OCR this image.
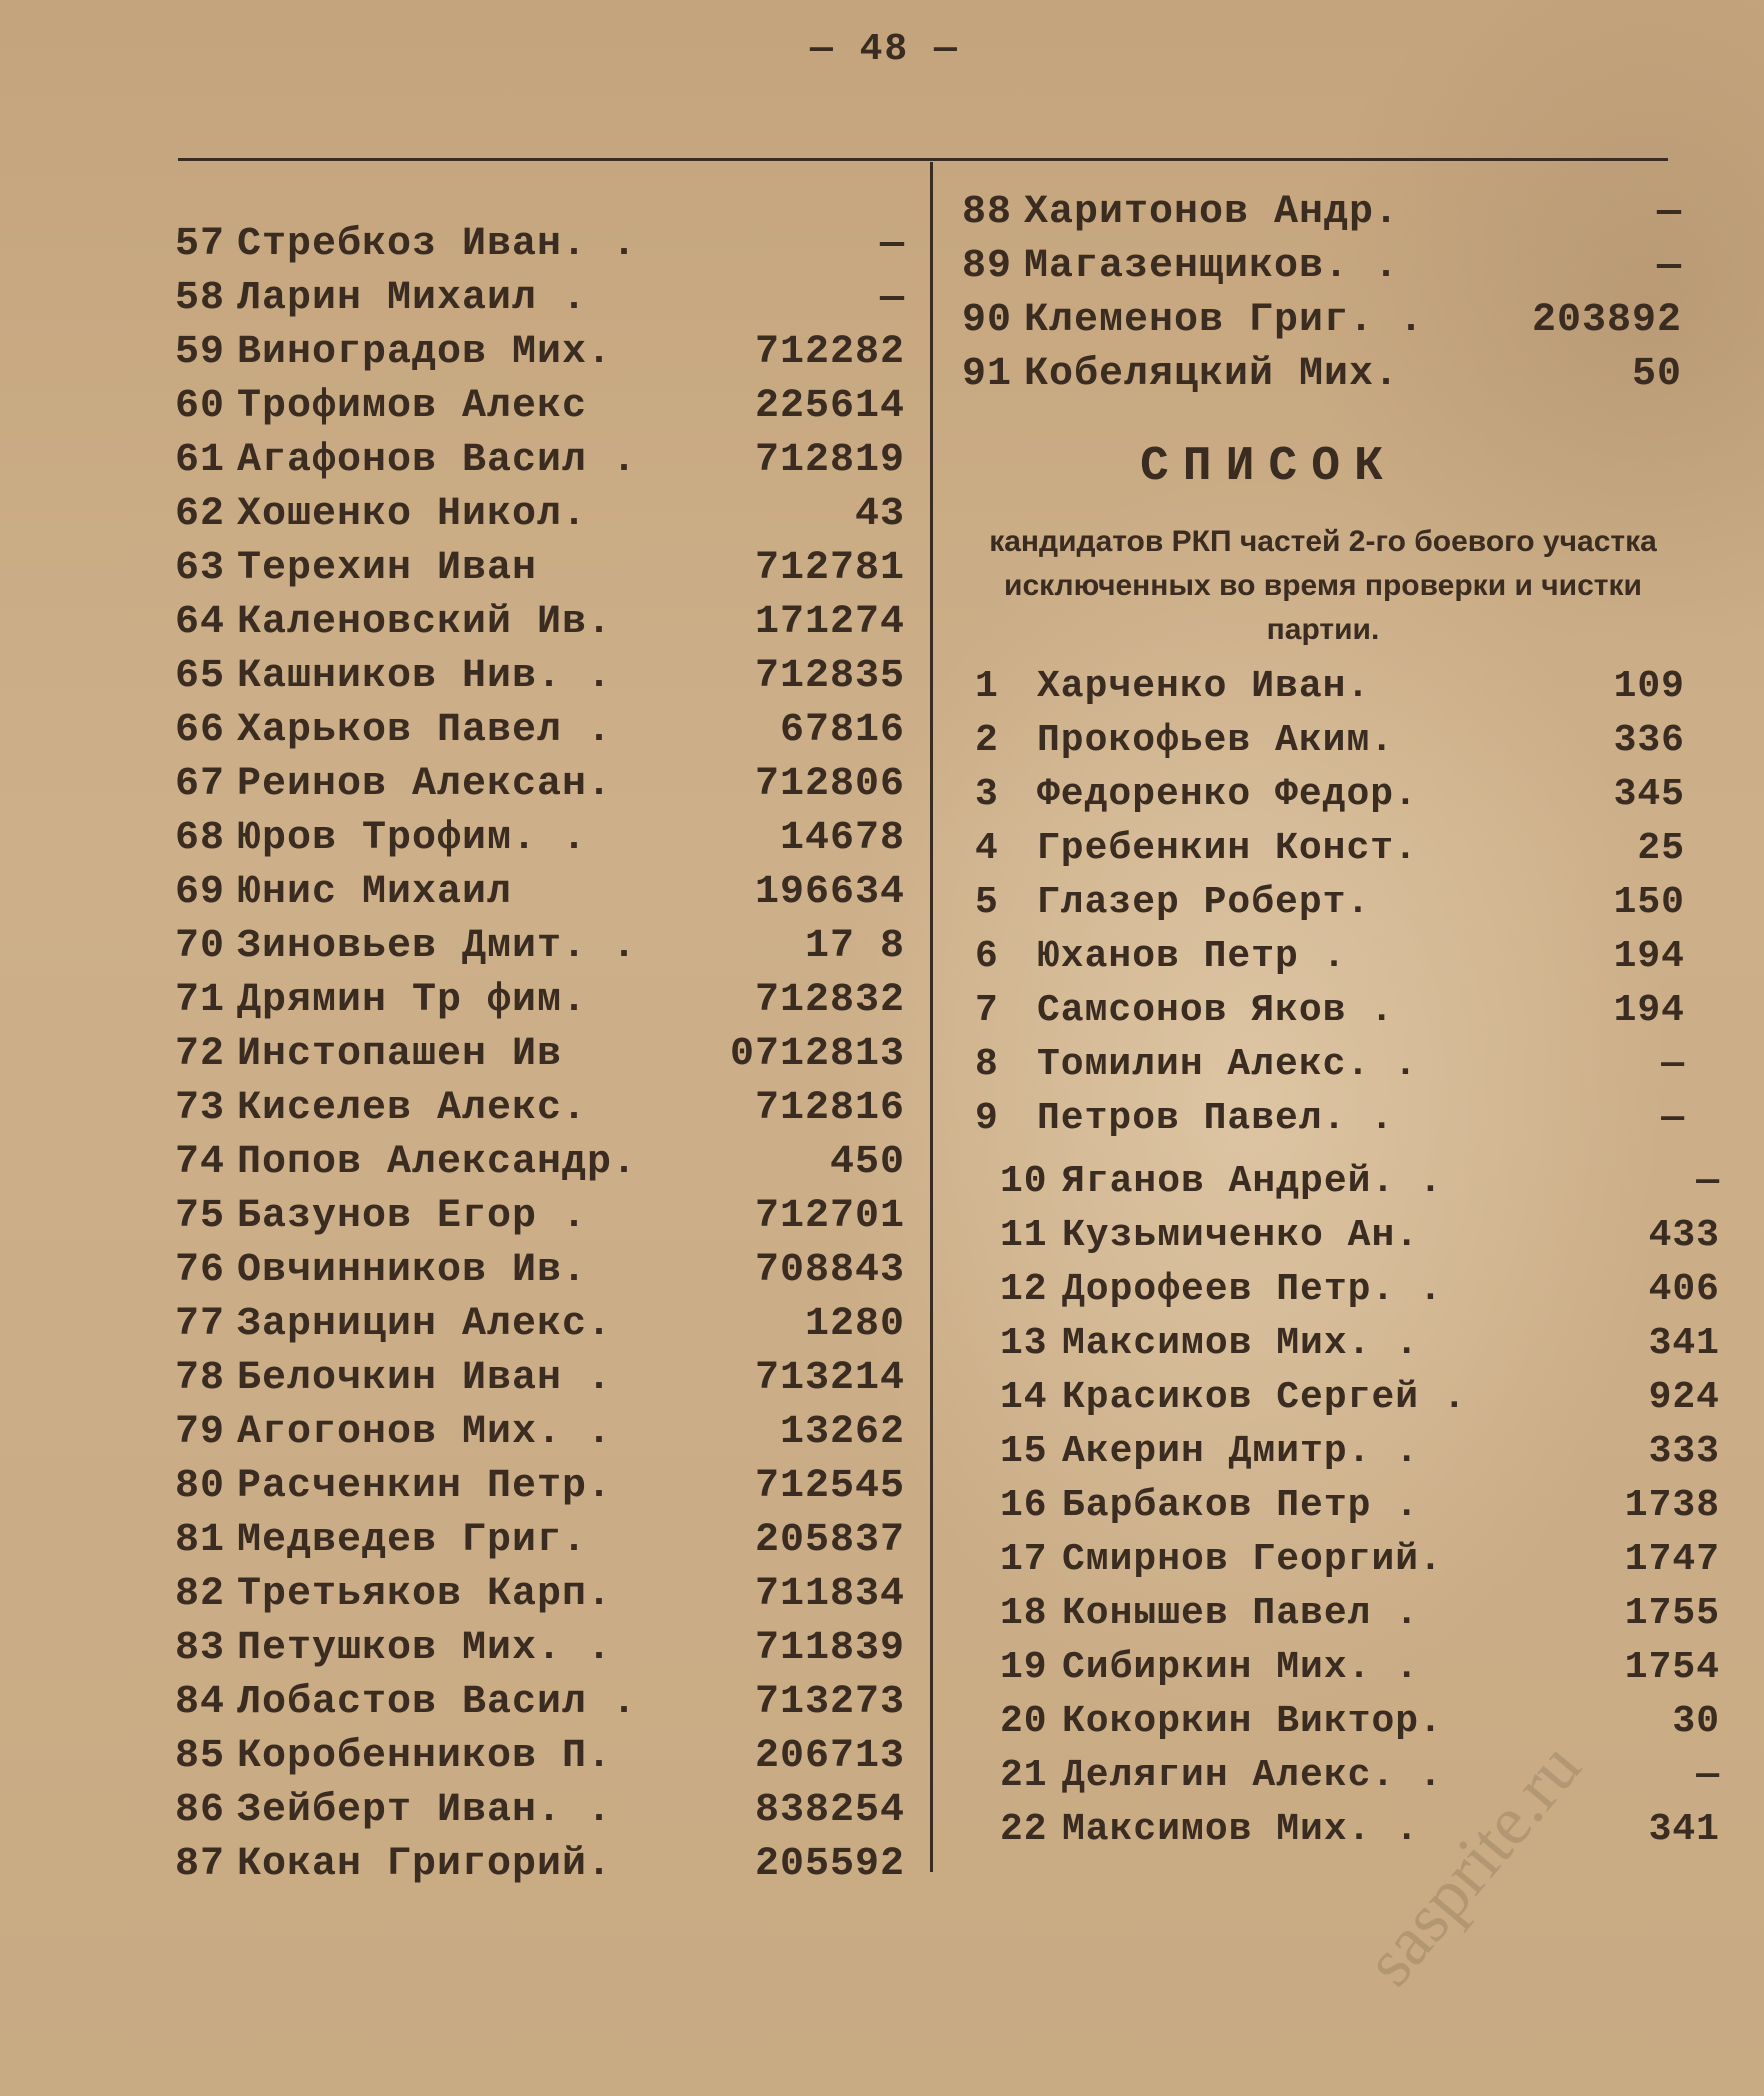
— 48 —
57 Стребкоз Иван. .	—
58 Ларин Михаил .	—
59 Виноградов Мих.	712282
60 Трофимов Алекс	225614
61 Агафонов Васил .	712819
62 Хошенко Никол.	43
63 Терехин Иван	712781
64 Каленовский Ив.	171274
65 Кашников Нив. .	712835
66 Харьков Павел .	67816
67 Реинов Алексан.	712806
68 Юров Трофим. .	14678
69 Юнис Михаил	196634
70 Зиновьев Дмит. .	17 8
71 Дрямин Тр фим.	712832
72 Инстопашен Ив	0712813
73 Киселев Алекс.	712816
74 Попов Александр.	450
75 Базунов Егор .	712701
76 Овчинников Ив.	708843
77 Зарницин Алекс.	1280
78 Белочкин Иван .	713214
79 Агогонов Мих. .	13262
80 Расченкин Петр.	712545
81 Медведев Григ.	205837
82 Третьяков Карп.	711834
83 Петушков Мих. .	711839
84 Лобастов Васил .	713273
85 Коробенников П.	206713
86 Зейберт Иван. .	838254
87 Кокан Григорий.	205592
88 Харитонов Андр.	—
89 Магазенщиков. .	—
90 Клеменов Григ. .	203892
91 Кобеляцкий Мих.	50
СПИСОК
кандидатов РКП частей 2-го боевого участка исключенных во время проверки и чистки партии.
1	Харченко Иван.	109
2	Прокофьев Аким.	336
3	Федоренко Федор.	345
4	Гребенкин Конст.	25
5	Глазер Роберт.	150
6	Юханов Петр .	194
7	Самсонов Яков .	194
8	Томилин Алекс. .	—
9	Петров Павел. .	—
10 Яганов Андрей. .	—
11 Кузьмиченко Ан.	433
12 Дорофеев Петр. .	406
13 Максимов Мих. .	341
14 Красиков Сергей .	924
15 Акерин Дмитр. .	333
16 Барбаков Петр .	1738
17 Смирнов Георгий.	1747
18 Конышев Павел .	1755
19 Сибиркин Мих. .	1754
20 Кокоркин Виктор.	30
21 Делягин Алекс. .	—
22 Максимов Мих. .	341
sasprite.ru
